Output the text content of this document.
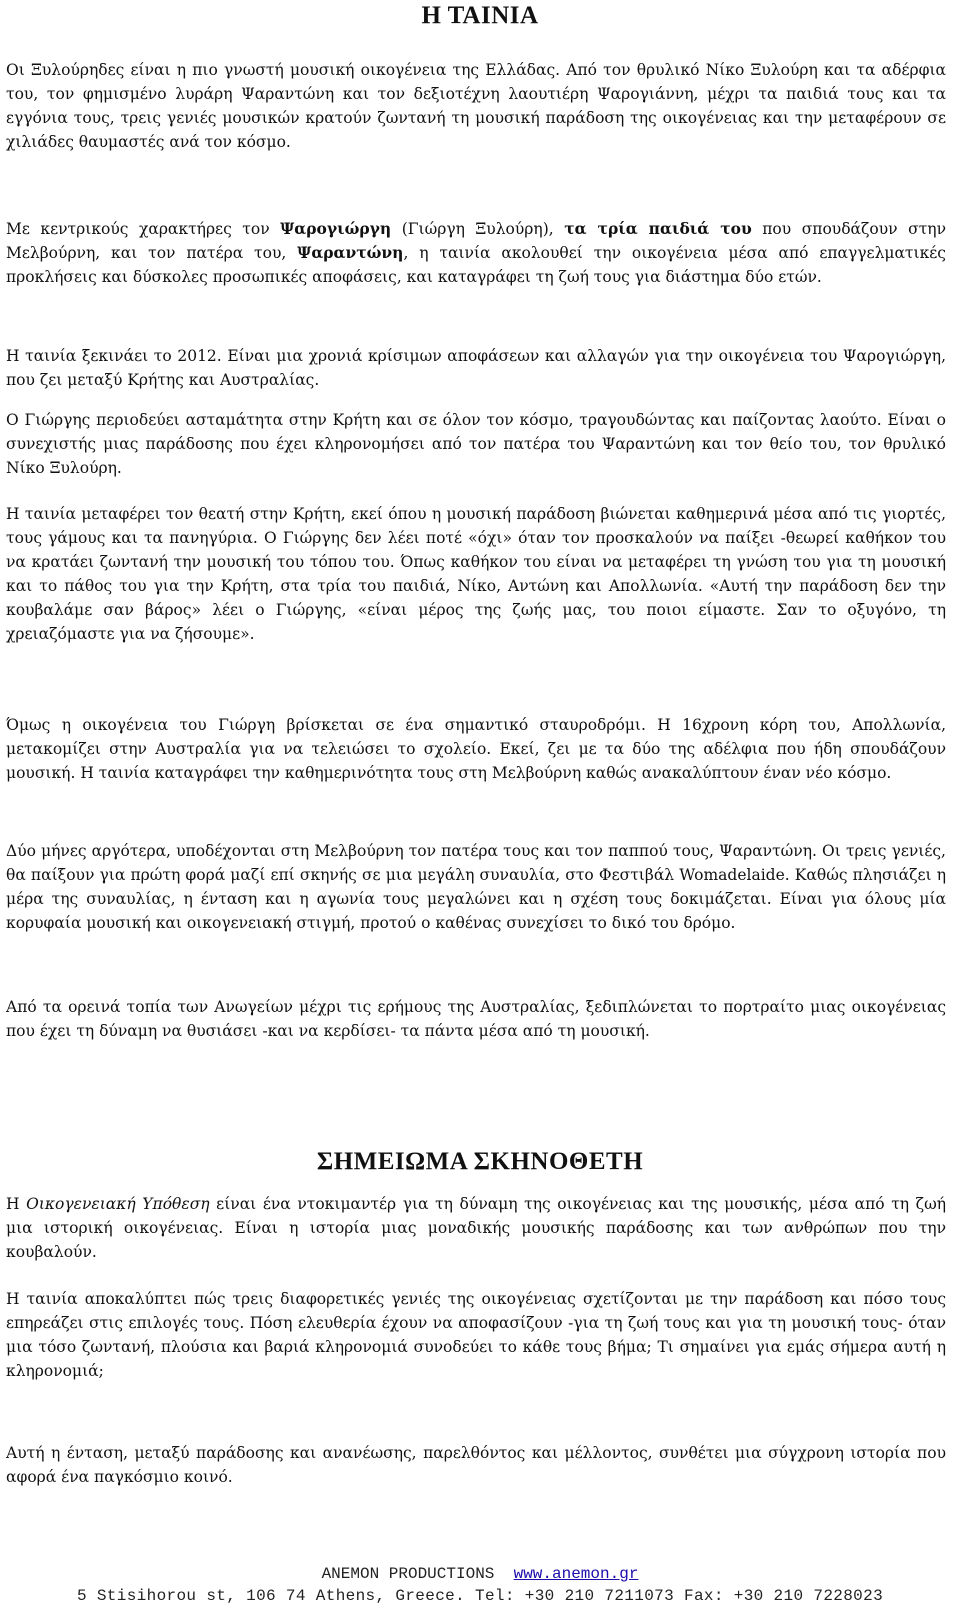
Η ΤΑΙΝΙΑ

Οι Ξυλούρηδες είναι η πιο γνωστή μουσική οικογένεια της Ελλάδας. Από τον θρυλικό Νίκο Ξυλούρη και τα αδέρφια του, τον φημισμένο λυράρη Ψαραντώνη και τον δεξιοτέχνη λαουτιέρη Ψαρογιάννη, μέχρι τα παιδιά τους και τα εγγόνια τους, τρεις γενιές μουσικών κρατούν ζωντανή τη μουσική παράδοση της οικογένειας και την μεταφέρουν σε χιλιάδες θαυμαστές ανά τον κόσμο.

Με κεντρικούς χαρακτήρες τον Ψαρογιώργη (Γιώργη Ξυλούρη), τα τρία παιδιά του που σπουδάζουν στην Μελβούρνη, και τον πατέρα του, Ψαραντώνη, η ταινία ακολουθεί την οικογένεια μέσα από επαγγελματικές προκλήσεις και δύσκολες προσωπικές αποφάσεις, και καταγράφει τη ζωή τους για διάστημα δύο ετών.

Η ταινία ξεκινάει το 2012. Είναι μια χρονιά κρίσιμων αποφάσεων και αλλαγών για την οικογένεια του Ψαρογιώργη, που ζει μεταξύ Κρήτης και Αυστραλίας.

Ο Γιώργης περιοδεύει ασταμάτητα στην Κρήτη και σε όλον τον κόσμο, τραγουδώντας και παίζοντας λαούτο. Είναι ο συνεχιστής μιας παράδοσης που έχει κληρονομήσει από τον πατέρα του Ψαραντώνη και τον θείο του, τον θρυλικό Νίκο Ξυλούρη.

Η ταινία μεταφέρει τον θεατή στην Κρήτη, εκεί όπου η μουσική παράδοση βιώνεται καθημερινά μέσα από τις γιορτές, τους γάμους και τα πανηγύρια. Ο Γιώργης δεν λέει ποτέ «όχι» όταν τον προσκαλούν να παίξει -θεωρεί καθήκον του να κρατάει ζωντανή την μουσική του τόπου του. Όπως καθήκον του είναι να μεταφέρει τη γνώση του για τη μουσική και το πάθος του για την Κρήτη, στα τρία του παιδιά, Νίκο, Αντώνη και Απολλωνία. «Αυτή την παράδοση δεν την κουβαλάμε σαν βάρος» λέει ο Γιώργης, «είναι μέρος της ζωής μας, του ποιοι είμαστε. Σαν το οξυγόνο, τη χρειαζόμαστε για να ζήσουμε».

Όμως η οικογένεια του Γιώργη βρίσκεται σε ένα σημαντικό σταυροδρόμι. Η 16χρονη κόρη του, Απολλωνία, μετακομίζει στην Αυστραλία για να τελειώσει το σχολείο. Εκεί, ζει με τα δύο της αδέλφια που ήδη σπουδάζουν μουσική. Η ταινία καταγράφει την καθημερινότητα τους στη Μελβούρνη καθώς ανακαλύπτουν έναν νέο κόσμο.

Δύο μήνες αργότερα, υποδέχονται στη Μελβούρνη τον πατέρα τους και τον παππού τους, Ψαραντώνη. Οι τρεις γενιές, θα παίξουν για πρώτη φορά μαζί επί σκηνής σε μια μεγάλη συναυλία, στο Φεστιβάλ Womadelaide. Καθώς πλησιάζει η μέρα της συναυλίας, η ένταση και η αγωνία τους μεγαλώνει και η σχέση τους δοκιμάζεται. Είναι για όλους μία κορυφαία μουσική και οικογενειακή στιγμή, προτού ο καθένας συνεχίσει το δικό του δρόμο.

Από τα ορεινά τοπία των Ανωγείων μέχρι τις ερήμους της Αυστραλίας, ξεδιπλώνεται το πορτραίτο μιας οικογένειας που έχει τη δύναμη να θυσιάσει -και να κερδίσει- τα πάντα μέσα από τη μουσική.

ΣΗΜΕΙΩΜΑ ΣΚΗΝΟΘΕΤΗ

Η Οικογενειακή Υπόθεση είναι ένα ντοκιμαντέρ για τη δύναμη της οικογένειας και της μουσικής, μέσα από τη ζωή μια ιστορική οικογένειας. Είναι η ιστορία μιας μοναδικής μουσικής παράδοσης και των ανθρώπων που την κουβαλούν.

Η ταινία αποκαλύπτει πώς τρεις διαφορετικές γενιές της οικογένειας σχετίζονται με την παράδοση και πόσο τους επηρεάζει στις επιλογές τους. Πόση ελευθερία έχουν να αποφασίζουν -για τη ζωή τους και για τη μουσική τους- όταν μια τόσο ζωντανή, πλούσια και βαριά κληρονομιά συνοδεύει το κάθε τους βήμα; Τι σημαίνει για εμάς σήμερα αυτή η κληρονομιά;

Αυτή η ένταση, μεταξύ παράδοσης και ανανέωσης, παρελθόντος και μέλλοντος, συνθέτει μια σύγχρονη ιστορία που αφορά ένα παγκόσμιο κοινό.

ANEMON PRODUCTIONS www.anemon.gr
5 Stisihorou st, 106 74 Athens, Greece. Tel: +30 210 7211073 Fax: +30 210 7228023
